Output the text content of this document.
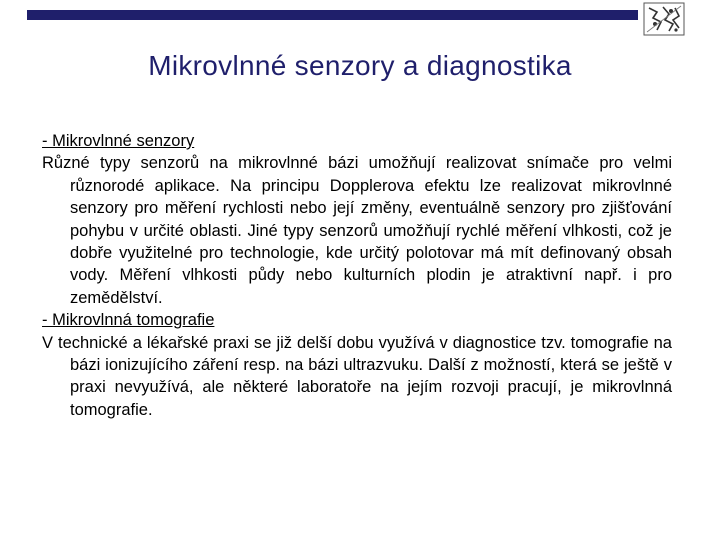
Mikrovlnné senzory a diagnostika
- Mikrovlnné senzory
Různé typy senzorů na mikrovlnné bázi umožňují realizovat snímače pro velmi různorodé aplikace. Na principu Dopplerova efektu lze realizovat mikrovlnné senzory pro měření rychlosti nebo její změny, eventuálně senzory pro zjišťování pohybu v určité oblasti. Jiné typy senzorů umožňují rychlé měření vlhkosti, což je dobře využitelné pro technologie, kde určitý polotovar má mít definovaný obsah vody. Měření vlhkosti půdy nebo kulturních plodin je atraktivní např. i pro zemědělství.
- Mikrovlnná tomografie
V technické a lékařské praxi se již delší dobu využívá v diagnostice tzv. tomografie na bázi ionizujícího záření resp. na bázi ultrazvuku. Další z možností, která se ještě v praxi nevyužívá, ale některé laboratoře na jejím rozvoji pracují, je mikrovlnná tomografie.
